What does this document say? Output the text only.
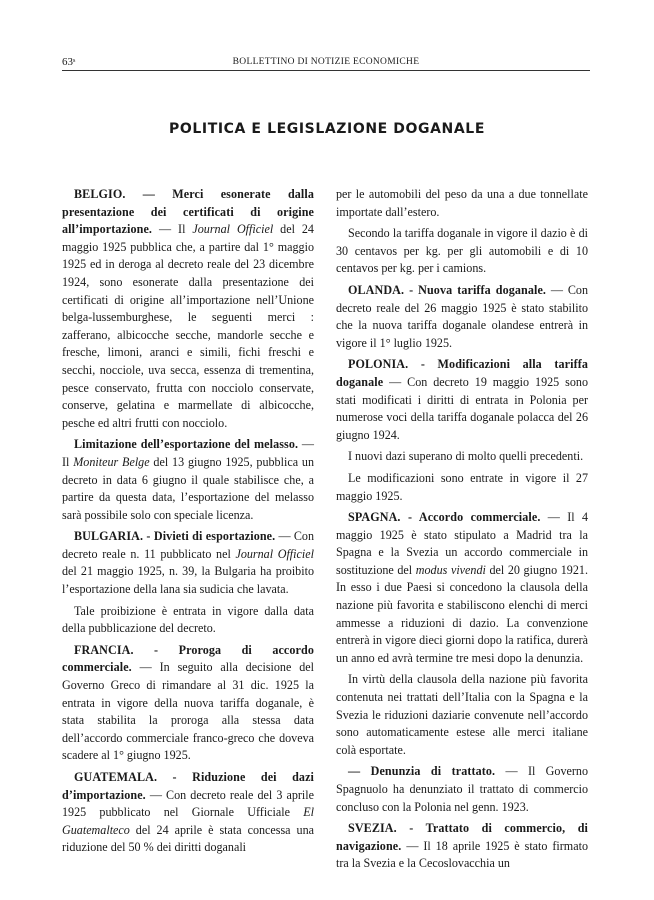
63ˢ	BOLLETTINO DI NOTIZIE ECONOMICHE
POLITICA E LEGISLAZIONE DOGANALE

BELGIO. — Merci esonerate dalla presentazione dei certificati di origine all’importazione. — Il Journal Officiel del 24 maggio 1925 pubblica che, a partire dal 1° maggio 1925 ed in deroga al decreto reale del 23 dicembre 1924, sono esonerate dalla presentazione dei certificati di origine all’importazione nell’Unione belga-lussemburghese, le seguenti merci : zafferano, albicocche secche, mandorle secche e fresche, limoni, aranci e simili, fichi freschi e secchi, nocciole, uva secca, essenza di trementina, pesce conservato, frutta con nocciolo conservate, conserve, gelatina e marmellate di albicocche, pesche ed altri frutti con nocciolo.

Limitazione dell’esportazione del melasso. — Il Moniteur Belge del 13 giugno 1925, pubblica un decreto in data 6 giugno il quale stabilisce che, a partire da questa data, l’esportazione del melasso sarà possibile solo con speciale licenza.

BULGARIA. - Divieti di esportazione. — Con decreto reale n. 11 pubblicato nel Journal Officiel del 21 maggio 1925, n. 39, la Bulgaria ha proibito l’esportazione della lana sia sudicia che lavata.

Tale proibizione è entrata in vigore dalla data della pubblicazione del decreto.

FRANCIA. - Proroga di accordo commerciale. — In seguito alla decisione del Governo Greco di rimandare al 31 dic. 1925 la entrata in vigore della nuova tariffa doganale, è stata stabilita la proroga alla stessa data dell’accordo commerciale franco-greco che doveva scadere al 1° giugno 1925.

GUATEMALA. - Riduzione dei dazi d’importazione. — Con decreto reale del 3 aprile 1925 pubblicato nel Giornale Ufficiale El Guatemalteco del 24 aprile è stata concessa una riduzione del 50 % dei diritti doganali

per le automobili del peso da una a due tonnellate importate dall’estero.

Secondo la tariffa doganale in vigore il dazio è di 30 centavos per kg. per gli automobili e di 10 centavos per kg. per i camions.

OLANDA. - Nuova tariffa doganale. — Con decreto reale del 26 maggio 1925 è stato stabilito che la nuova tariffa doganale olandese entrerà in vigore il 1° luglio 1925.

POLONIA. - Modificazioni alla tariffa doganale — Con decreto 19 maggio 1925 sono stati modificati i diritti di entrata in Polonia per numerose voci della tariffa doganale polacca del 26 giugno 1924.

I nuovi dazi superano di molto quelli precedenti.

Le modificazioni sono entrate in vigore il 27 maggio 1925.

SPAGNA. - Accordo commerciale. — Il 4 maggio 1925 è stato stipulato a Madrid tra la Spagna e la Svezia un accordo commerciale in sostituzione del modus vivendi del 20 giugno 1921. In esso i due Paesi si concedono la clausola della nazione più favorita e stabiliscono elenchi di merci ammesse a riduzioni di dazio. La convenzione entrerà in vigore dieci giorni dopo la ratifica, durerà un anno ed avrà termine tre mesi dopo la denunzia.

In virtù della clausola della nazione più favorita contenuta nei trattati dell’Italia con la Spagna e la Svezia le riduzioni daziarie convenute nell’accordo sono automaticamente estese alle merci italiane colà esportate.

— Denunzia di trattato. — Il Governo Spagnuolo ha denunziato il trattato di commercio concluso con la Polonia nel genn. 1923.

SVEZIA. - Trattato di commercio, di navigazione. — Il 18 aprile 1925 è stato firmato tra la Svezia e la Cecoslovacchia un
